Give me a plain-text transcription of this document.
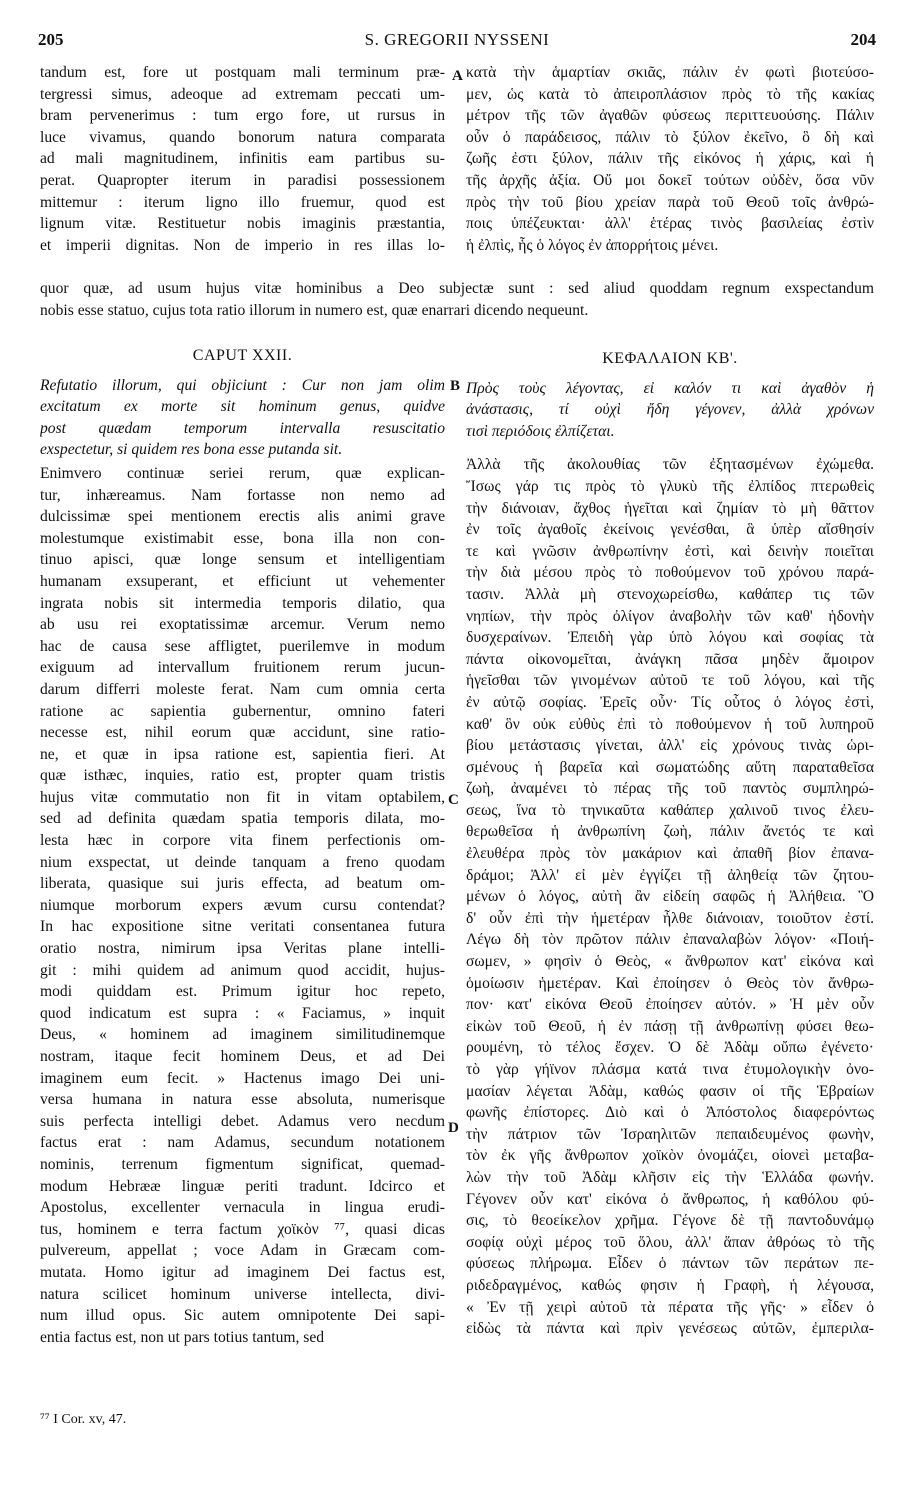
205	S. GREGORII NYSSENI	204
tandum est, fore ut postquam mali terminum præ-
tergressi simus, adeoque ad extremam peccati um-
bram pervenerimus : tum ergo fore, ut rursus in
luce vivamus, quando bonorum natura comparata
ad mali magnitudinem, infinitis eam partibus su-
perat. Quapropter iterum in paradisi possessionem
mittemur : iterum ligno illo fruemur, quod est
lignum vitæ. Restituetur nobis imaginis præstantia,
et imperii dignitas. Non de imperio in res illas lo-
κατὰ τὴν ἁμαρτίαν σκιᾶς, πάλιν ἐν φωτὶ βιοτεύσο-
μεν, ὡς κατὰ τὸ ἀπειροπλάσιον πρὸς τὸ τῆς κακίας
μέτρον τῆς τῶν ἀγαθῶν φύσεως περιττευούσης. Πάλιν
οὖν ὁ παράδεισος, πάλιν τὸ ξύλον ἐκεῖνο, ὃ δὴ καὶ
ζωῆς ἐστι ξύλον, πάλιν τῆς εἰκόνος ἡ χάρις, καὶ ἡ
τῆς ἀρχῆς ἀξία. Οὔ μοι δοκεῖ τούτων οὐδὲν, ὅσα νῦν
πρὸς τὴν τοῦ βίου χρείαν παρὰ τοῦ Θεοῦ τοῖς ἀνθρώ-
ποις ὑπέζευκται· ἀλλ' ἑτέρας τινὸς βασιλείας ἐστὶν
ἡ ἐλπὶς, ἧς ὁ λόγος ἐν ἀπορρήτοις μένει.
A
quor quæ, ad usum hujus vitæ hominibus a Deo subjectæ sunt : sed aliud quoddam regnum exspectandum
nobis esse statuo, cujus tota ratio illorum in numero est, quæ enarrari dicendo nequeunt.
CAPUT XXII.
Refutatio illorum, qui objiciunt : Cur non jam olim
excitatum ex morte sit hominum genus, quidve
post quædam temporum intervalla resuscitatio
exspectetur, si quidem res bona esse putanda sit.
Enimvero continuæ seriei rerum, quæ explican-
tur, inhæreamus. Nam fortasse non nemo ad
dulcissimæ spei mentionem erectis alis animi grave
molestumque existimabit esse, bona illa non con-
tinuo apisci, quæ longe sensum et intelligentiam
humanam exsuperant, et efficiunt ut vehementer
ingrata nobis sit intermedia temporis dilatio, qua
ab usu rei exoptatissimæ arcemur. Verum nemo
hac de causa sese affligtet, puerilemve in modum
exiguum ad intervallum fruitionem rerum jucun-
darum differri moleste ferat. Nam cum omnia certa
ratione ac sapientia gubernentur, omnino fateri
necesse est, nihil eorum quæ accidunt, sine ratio-
ne, et quæ in ipsa ratione est, sapientia fieri. At
quæ isthæc, inquies, ratio est, propter quam tristis
hujus vitæ commutatio non fit in vitam optabilem,
sed ad definita quædam spatia temporis dilata, mo-
lesta hæc in corpore vita finem perfectionis om-
nium exspectat, ut deinde tanquam a freno quodam
liberata, quasique sui juris effecta, ad beatum om-
niumque morborum expers ævum cursu contendat?
In hac expositione sitne veritati consentanea futura
oratio nostra, nimirum ipsa Veritas plane intelli-
git : mihi quidem ad animum quod accidit, hujus-
modi quiddam est. Primum igitur hoc repeto,
quod indicatum est supra : « Faciamus, » inquit
Deus, « hominem ad imaginem similitudinemque
nostram, itaque fecit hominem Deus, et ad Dei
imaginem eum fecit. » Hactenus imago Dei uni-
versa humana in natura esse absoluta, numerisque
suis perfecta intelligi debet. Adamus vero necdum
factus erat : nam Adamus, secundum notationem
nominis, terrenum figmentum significat, quemad-
modum Hebrææ linguæ periti tradunt. Idcirco et
Apostolus, excellenter vernacula in lingua erudi-
tus, hominem e terra factum χοϊκὸν ⁷⁷, quasi dicas
pulvereum, appellat ; voce Adam in Græcam com-
mutata. Homo igitur ad imaginem Dei factus est,
natura scilicet hominum universe intellecta, divi-
num illud opus. Sic autem omnipotente Dei sapi-
entia factus est, non ut pars totius tantum, sed
ΚΕΦΑΛΑΙΟΝ ΚΒ'.
Πρὸς τοὺς λέγοντας, εἰ καλόν τι καὶ ἀγαθὸν ἡ
ἀνάστασις, τί οὐχὶ ἤδη γέγονεν, ἀλλὰ χρόνων
τισὶ περιόδοις ἐλπίζεται.
Ἀλλὰ τῆς ἀκολουθίας τῶν ἐξητασμένων ἐχώμεθα.
Ἴσως γάρ τις πρὸς τὸ γλυκὺ τῆς ἐλπίδος πτερωθεὶς
τὴν διάνοιαν, ἄχθος ἡγεῖται καὶ ζημίαν τὸ μὴ θᾶττον
ἐν τοῖς ἀγαθοῖς ἐκείνοις γενέσθαι, ἃ ὑπὲρ αἴσθησίν
τε καὶ γνῶσιν ἀνθρωπίνην ἐστὶ, καὶ δεινὴν ποιεῖται
τὴν διὰ μέσου πρὸς τὸ ποθούμενον τοῦ χρόνου παρά-
τασιν. Ἀλλὰ μὴ στενοχωρείσθω, καθάπερ τις τῶν
νηπίων, τὴν πρὸς ὀλίγον ἀναβολὴν τῶν καθ' ἡδονὴν
δυσχεραίνων. Ἐπειδὴ γὰρ ὑπὸ λόγου καὶ σοφίας τὰ
πάντα οἰκονομεῖται, ἀνάγκη πᾶσα μηδὲν ἄμοιρον
ἡγεῖσθαι τῶν γινομένων αὐτοῦ τε τοῦ λόγου, καὶ τῆς
ἐν αὐτῷ σοφίας. Ἐρεῖς οὖν· Τίς οὗτος ὁ λόγος ἐστὶ,
καθ' ὃν οὐκ εὐθὺς ἐπὶ τὸ ποθούμενον ἡ τοῦ λυπηροῦ
βίου μετάστασις γίνεται, ἀλλ' εἰς χρόνους τινὰς ὡρι-
σμένους ἡ βαρεῖα καὶ σωματώδης αὕτη παραταθεῖσα
ζωὴ, ἀναμένει τὸ πέρας τῆς τοῦ παντὸς συμπληρώ-
σεως, ἵνα τὸ τηνικαῦτα καθάπερ χαλινοῦ τινος ἐλευ-
θερωθεῖσα ἡ ἀνθρωπίνη ζωὴ, πάλιν ἄνετός τε καὶ
ἐλευθέρα πρὸς τὸν μακάριον καὶ ἀπαθῆ βίον ἐπανα-
δράμοι; Ἀλλ' εἰ μὲν ἐγγίζει τῇ ἀληθείᾳ τῶν ζητου-
μένων ὁ λόγος, αὐτὴ ἂν εἰδείη σαφῶς ἡ Ἀλήθεια. Ὃ
δ' οὖν ἐπὶ τὴν ἡμετέραν ἦλθε διάνοιαν, τοιοῦτον ἐστί.
Λέγω δὴ τὸν πρῶτον πάλιν ἐπαναλαβὼν λόγον· «Ποιή-
σωμεν, » φησὶν ὁ Θεὸς, « ἄνθρωπον κατ' εἰκόνα καὶ
ὁμοίωσιν ἡμετέραν. Καὶ ἐποίησεν ὁ Θεὸς τὸν ἄνθρω-
πον· κατ' εἰκόνα Θεοῦ ἐποίησεν αὐτόν. » Ἡ μὲν οὖν
εἰκὼν τοῦ Θεοῦ, ἡ ἐν πάσῃ τῇ ἀνθρωπίνῃ φύσει θεω-
ρουμένη, τὸ τέλος ἔσχεν. Ὁ δὲ Ἀδὰμ οὔπω ἐγένετο·
τὸ γὰρ γήϊνον πλάσμα κατά τινα ἐτυμολογικὴν ὀνο-
μασίαν λέγεται Ἀδὰμ, καθώς φασιν οἱ τῆς Ἑβραίων
φωνῆς ἐπίστορες. Διὸ καὶ ὁ Ἀπόστολος διαφερόντως
τὴν πάτριον τῶν Ἰσραηλιτῶν πεπαιδευμένος φωνὴν,
τὸν ἐκ γῆς ἄνθρωπον χοϊκὸν ὀνομάζει, οἱονεὶ μεταβα-
λὼν τὴν τοῦ Ἀδὰμ κλῆσιν εἰς τὴν Ἑλλάδα φωνήν.
Γέγονεν οὖν κατ' εἰκόνα ὁ ἄνθρωπος, ἡ καθόλου φύ-
σις, τὸ θεοείκελον χρῆμα. Γέγονε δὲ τῇ παντοδυνάμῳ
σοφίᾳ οὐχὶ μέρος τοῦ ὅλου, ἀλλ' ἅπαν ἀθρόως τὸ τῆς
φύσεως πλήρωμα. Εἶδεν ὁ πάντων τῶν περάτων πε-
ριδεδραγμένος, καθώς φησιν ἡ Γραφὴ, ἡ λέγουσα,
« Ἐν τῇ χειρὶ αὐτοῦ τὰ πέρατα τῆς γῆς· » εἶδεν ὁ
εἰδὼς τὰ πάντα καὶ πρὶν γενέσεως αὐτῶν, ἐμπεριλα-
B
C
D
⁷⁷ I Cor. xv, 47.
